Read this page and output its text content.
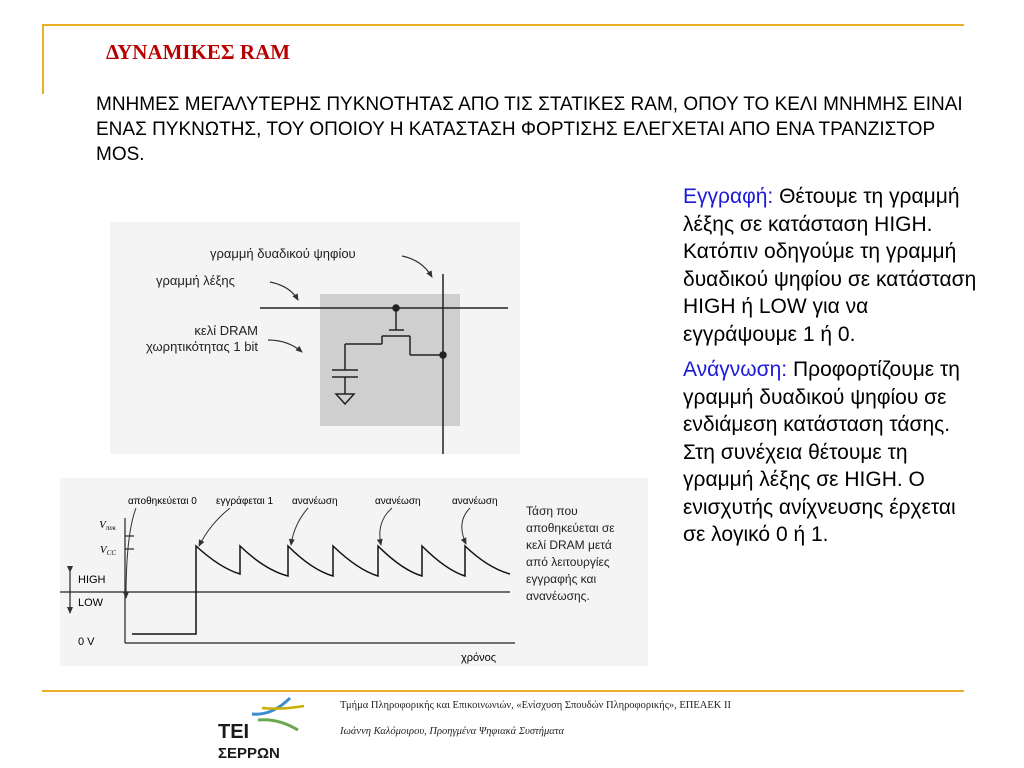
ΔΥΝΑΜΙΚΕΣ RAM

ΜΝΗΜΕΣ ΜΕΓΑΛΥΤΕΡΗΣ ΠΥΚΝΟΤΗΤΑΣ ΑΠΟ ΤΙΣ ΣΤΑΤΙΚΕΣ RAM, ΟΠΟΥ ΤΟ ΚΕΛΙ ΜΝΗΜΗΣ ΕΙΝΑΙ ΕΝΑΣ ΠΥΚΝΩΤΗΣ, ΤΟΥ ΟΠΟΙΟΥ Η ΚΑΤΑΣΤΑΣΗ ΦΟΡΤΙΣΗΣ ΕΛΕΓΧΕΤΑΙ ΑΠΟ ΕΝΑ ΤΡΑΝΖΙΣΤΟΡ MOS.

Εγγραφή: Θέτουμε τη γραμμή λέξης σε κατάσταση HIGH. Κατόπιν οδηγούμε τη γραμμή δυαδικού ψηφίου σε κατάσταση HIGH ή LOW για να εγγράψουμε 1 ή 0.

Ανάγνωση: Προφορτίζουμε τη γραμμή δυαδικού ψηφίου σε ενδιάμεση κατάσταση τάσης. Στη συνέχεια θέτουμε τη γραμμή λέξης σε HIGH. Ο ενισχυτής ανίχνευσης έρχεται σε λογικό 0 ή 1.

γραμμή δυαδικού ψηφίου
γραμμή λέξης
κελί DRAM
χωρητικότητας 1 bit
Vπυκ
VCC
HIGH
LOW
0 V
χρόνος
αποθηκεύεται 0 εγγράφεται 1 ανανέωση	ανανέωση	ανανέωση
Τάση που
αποθηκεύεται σε
κελί DRAM μετά
από λειτουργίες
εγγραφής και
ανανέωσης.
ΤΕΙ
ΣΕΡΡΩΝ

Τμήμα Πληροφορικής και Επικοινωνιών, «Ενίσχυση Σπουδών Πληροφορικής», ΕΠΕΑΕΚ ΙΙ

Ιωάννη Καλόμοιρου, Προηγμένα Ψηφιακά Συστήματα
